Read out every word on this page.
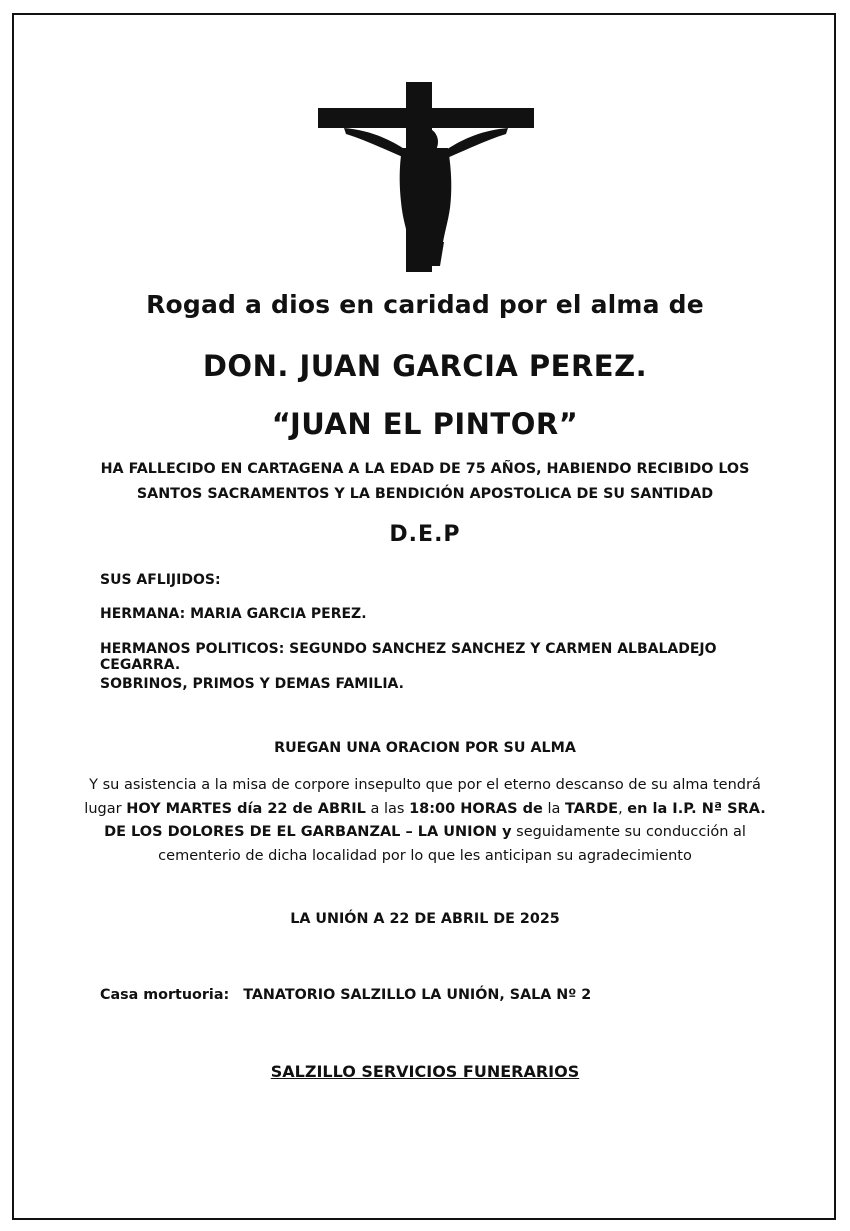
Rogad a dios en caridad por el alma de
DON. JUAN GARCIA PEREZ.
“JUAN EL PINTOR”
HA FALLECIDO EN CARTAGENA A LA EDAD DE 75 AÑOS, HABIENDO RECIBIDO LOS
SANTOS SACRAMENTOS Y LA BENDICIÓN APOSTOLICA DE SU SANTIDAD
D.E.P
SUS AFLIJIDOS:
HERMANA: MARIA GARCIA PEREZ.
HERMANOS POLITICOS: SEGUNDO SANCHEZ SANCHEZ Y CARMEN ALBALADEJO CEGARRA.
SOBRINOS, PRIMOS Y DEMAS FAMILIA.
RUEGAN UNA ORACION POR SU ALMA
Y su asistencia a la misa de corpore insepulto que por el eterno descanso de su alma tendrá lugar HOY MARTES día 22 de ABRIL a las 18:00 HORAS de la TARDE, en la I.P. Nª SRA. DE LOS DOLORES DE EL GARBANZAL – LA UNION y seguidamente su conducción al cementerio de dicha localidad por lo que les anticipan su agradecimiento
LA UNIÓN A 22 DE ABRIL DE 2025
Casa mortuoria: TANATORIO SALZILLO LA UNIÓN, SALA Nº 2
SALZILLO SERVICIOS FUNERARIOS
